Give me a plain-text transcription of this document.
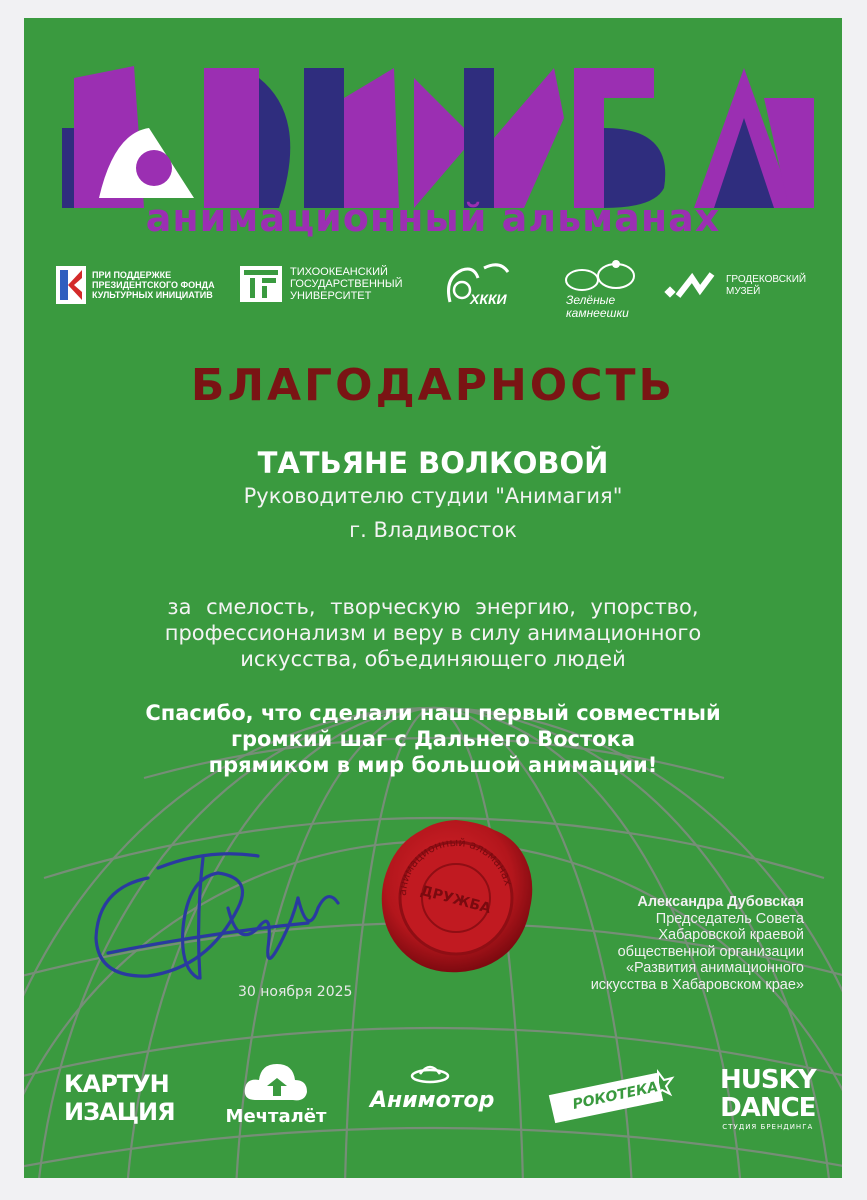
анимационный альманах
ПРИ ПОДДЕРЖКЕ
ПРЕЗИДЕНТСКОГО ФОНДА
КУЛЬТУРНЫХ ИНИЦИАТИВ
ТИХООКЕАНСКИЙ
ГОСУДАРСТВЕННЫЙ
УНИВЕРСИТЕТ	ХККИ	Зелёные
камнеешки
ГРОДЕКОВСКИЙ
МУЗЕЙ
БЛАГОДАРНОСТЬ
ТАТЬЯНЕ ВОЛКОВОЙ
Руководителю студии "Анимагия"
г. Владивосток
за смелость, творческую энергию, упорство,
профессионализм и веру в силу анимационного
искусства, объединяющего людей
Спасибо, что сделали наш первый совместный
громкий шаг с Дальнего Востока
прямиком в мир большой анимации!
анимационный альманах
ДРУЖБА
30 ноября 2025
Александра Дубовская
Председатель Совета
Хабаровской краевой
общественной организации
«Развития анимационного
искусства в Хабаровском крае»
КАРТУН
ИЗАЦИЯ	Мечталёт
Анимотор	РОКОТЕКА HUSKY
DANCE
СТУДИЯ БРЕНДИНГА
